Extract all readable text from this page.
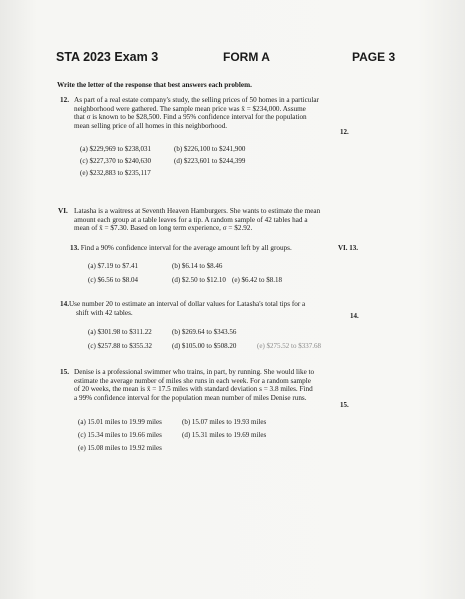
STA 2023 Exam 3	FORM A	PAGE 3
Write the letter of the response that best answers each problem.
12. As part of a real estate company's study, the selling prices of 50 homes in a particular
neighborhood were gathered. The sample mean price was x̄ = $234,000. Assume
that σ is known to be $28,500. Find a 95% confidence interval for the population
mean selling price of all homes in this neighborhood.
12.
(a) $229,969 to $238,031	(b) $226,100 to $241,900
(c) $227,370 to $240,630	(d) $223,601 to $244,399
(e) $232,883 to $235,117
VI. Latasha is a waitress at Seventh Heaven Hamburgers. She wants to estimate the mean
amount each group at a table leaves for a tip. A random sample of 42 tables had a
mean of x̄ = $7.30. Based on long term experience, σ = $2.92.
13. Find a 90% confidence interval for the average amount left by all groups.	VI. 13.
(a) $7.19 to $7.41	(b) $6.14 to $8.46
(c) $6.56 to $8.04	(d) $2.50 to $12.10 (e) $6.42 to $8.18
14.Use number 20 to estimate an interval of dollar values for Latasha's total tips for a
shift with 42 tables.	14.
(a) $301.98 to $311.22	(b) $269.64 to $343.56
(c) $257.88 to $355.32	(d) $105.00 to $508.20	(e) $275.52 to $337.68
15. Denise is a professional swimmer who trains, in part, by running. She would like to
estimate the average number of miles she runs in each week. For a random sample
of 20 weeks, the mean is x̄ = 17.5 miles with standard deviation s = 3.8 miles. Find
a 99% confidence interval for the population mean number of miles Denise runs.
15.
(a) 15.01 miles to 19.99 miles	(b) 15.07 miles to 19.93 miles
(c) 15.34 miles to 19.66 miles	(d) 15.31 miles to 19.69 miles
(e) 15.08 miles to 19.92 miles
